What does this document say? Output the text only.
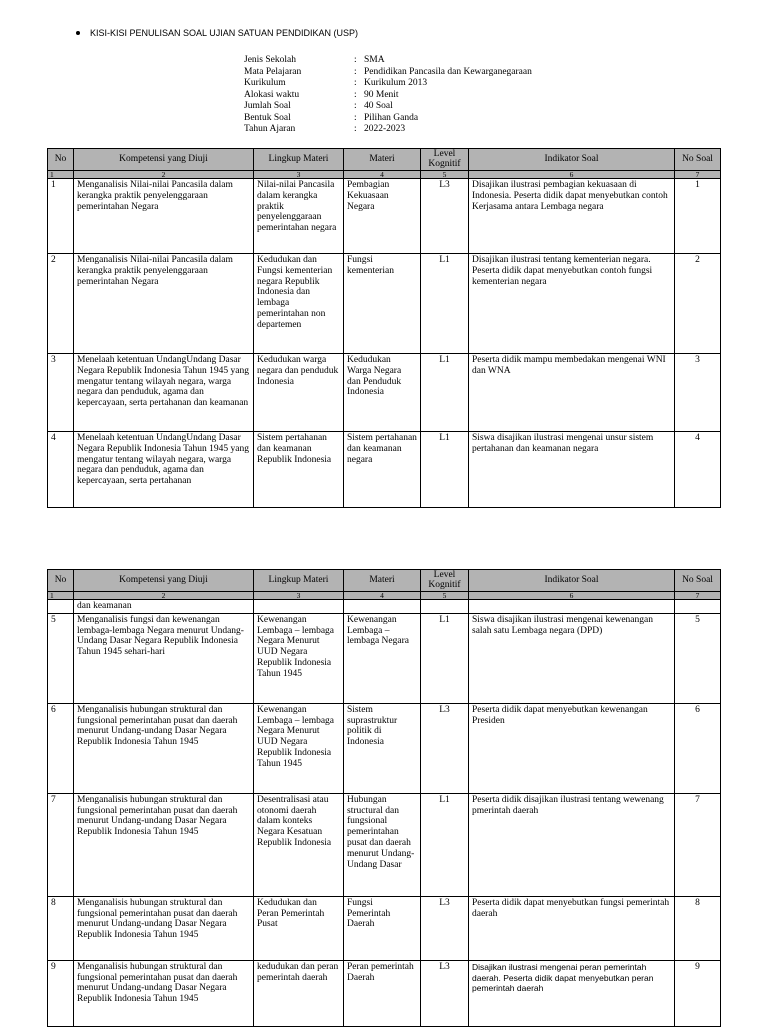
KISI-KISI PENULISAN SOAL UJIAN SATUAN PENDIDIKAN (USP)
Jenis Sekolah	: SMA
Mata Pelajaran	: Pendidikan Pancasila dan Kewarganegaraan
Kurikulum	: Kurikulum 2013
Alokasi waktu	: 90 Menit
Jumlah Soal	: 40 Soal
Bentuk Soal	: Pilihan Ganda
Tahun Ajaran	: 2022-2023
No	Kompetensi yang Diuji	Lingkup Materi	Materi	Level Kognitif	Indikator Soal	No Soal
1	2	3	4	5	6	7
1	Menganalisis Nilai-nilai Pancasila dalam kerangka praktik penyelenggaraan pemerintahan Negara	Nilai-nilai Pancasila dalam kerangka praktik penyelenggaraan pemerintahan negara	Pembagian Kekuasaan Negara	L3	Disajikan ilustrasi pembagian kekuasaan di Indonesia. Peserta didik dapat menyebutkan contoh Kerjasama antara Lembaga negara	1
2	Menganalisis Nilai-nilai Pancasila dalam kerangka praktik penyelenggaraan pemerintahan Negara	Kedudukan dan Fungsi kementerian negara Republik Indonesia dan lembaga pemerintahan non departemen	Fungsi kementerian	L1	Disajikan ilustrasi tentang kementerian negara. Peserta didik dapat menyebutkan contoh fungsi kementerian negara	2
3	Menelaah ketentuan UndangUndang Dasar Negara Republik Indonesia Tahun 1945 yang mengatur tentang wilayah negara, warga negara dan penduduk, agama dan kepercayaan, serta pertahanan dan keamanan	Kedudukan warga negara dan penduduk Indonesia	Kedudukan Warga Negara dan Penduduk Indonesia	L1	Peserta didik mampu membedakan mengenai WNI dan WNA	3
4	Menelaah ketentuan UndangUndang Dasar Negara Republik Indonesia Tahun 1945 yang mengatur tentang wilayah negara, warga negara dan penduduk, agama dan kepercayaan, serta pertahanan	Sistem pertahanan dan keamanan Republik Indonesia	Sistem pertahanan dan keamanan negara	L1	Siswa disajikan ilustrasi mengenai unsur sistem pertahanan dan keamanan negara	4
No	Kompetensi yang Diuji	Lingkup Materi	Materi	Level Kognitif	Indikator Soal	No Soal
1	2	3	4	5	6	7
	dan keamanan					
5	Menganalisis fungsi dan kewenangan lembaga-lembaga Negara menurut Undang-Undang Dasar Negara Republik Indonesia Tahun 1945 sehari-hari	Kewenangan Lembaga – lembaga Negara Menurut UUD Negara Republik Indonesia Tahun 1945	Kewenangan Lembaga – lembaga Negara	L1	Siswa disajikan ilustrasi mengenai kewenangan salah satu Lembaga negara (DPD)	5
6	Menganalisis hubungan struktural dan fungsional pemerintahan pusat dan daerah menurut Undang-undang Dasar Negara Republik Indonesia Tahun 1945	Kewenangan Lembaga – lembaga Negara Menurut UUD Negara Republik Indonesia Tahun 1945	Sistem suprastruktur politik di Indonesia	L3	Peserta didik dapat menyebutkan kewenangan Presiden	6
7	Menganalisis hubungan struktural dan fungsional pemerintahan pusat dan daerah menurut Undang-undang Dasar Negara Republik Indonesia Tahun 1945	Desentralisasi atau otonomi daerah dalam konteks Negara Kesatuan Republik Indonesia	Hubungan structural dan fungsional pemerintahan pusat dan daerah menurut Undang-Undang Dasar	L1	Peserta didik disajikan ilustrasi tentang wewenang pmerintah daerah	7
8	Menganalisis hubungan struktural dan fungsional pemerintahan pusat dan daerah menurut Undang-undang Dasar Negara Republik Indonesia Tahun 1945	Kedudukan dan Peran Pemerintah Pusat	Fungsi Pemerintah Daerah	L3	Peserta didik dapat menyebutkan fungsi pemerintah daerah	8
9	Menganalisis hubungan struktural dan fungsional pemerintahan pusat dan daerah menurut Undang-undang Dasar Negara Republik Indonesia Tahun 1945	kedudukan dan peran pemerintah daerah	Peran pemerintah Daerah	L3	Disajikan ilustrasi mengenai peran pemerintah daerah. Peserta didik dapat menyebutkan peran pemerintah daerah	9
